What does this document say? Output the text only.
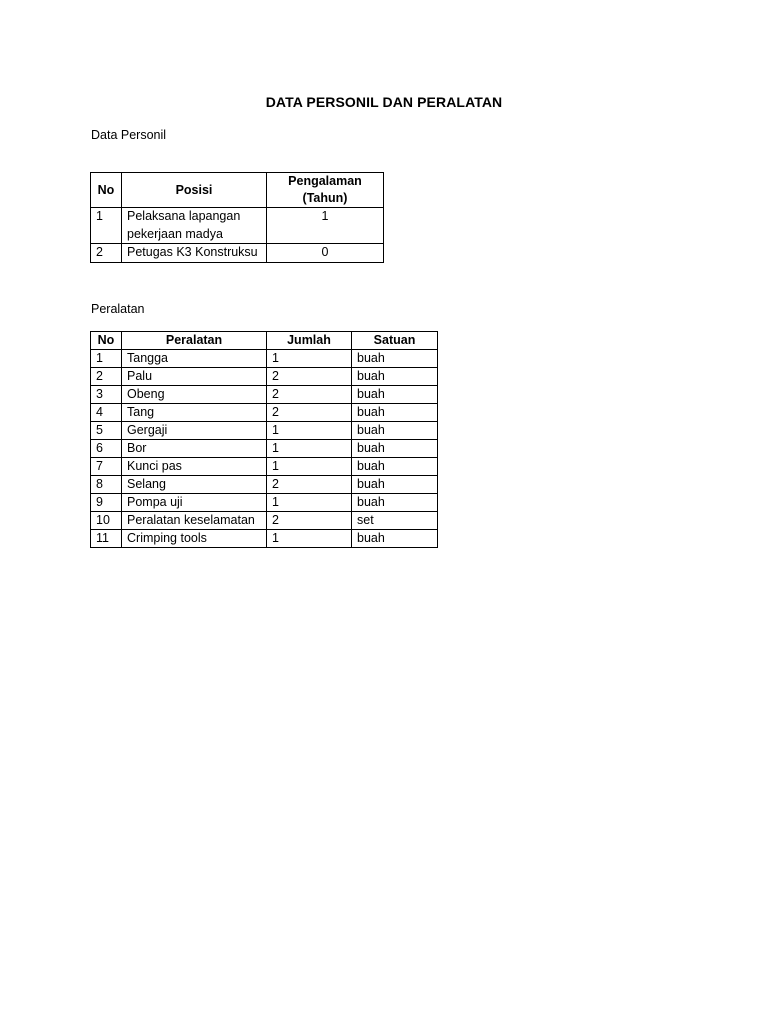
DATA PERSONIL DAN PERALATAN
Data Personil
No	Posisi	Pengalaman (Tahun)
1	Pelaksana lapangan pekerjaan madya	1
2	Petugas K3 Konstruksu	0
Peralatan
No	Peralatan	Jumlah	Satuan
1	Tangga	1	buah
2	Palu	2	buah
3	Obeng	2	buah
4	Tang	2	buah
5	Gergaji	1	buah
6	Bor	1	buah
7	Kunci pas	1	buah
8	Selang	2	buah
9	Pompa uji	1	buah
10	Peralatan keselamatan	2	set
11	Crimping tools	1	buah
